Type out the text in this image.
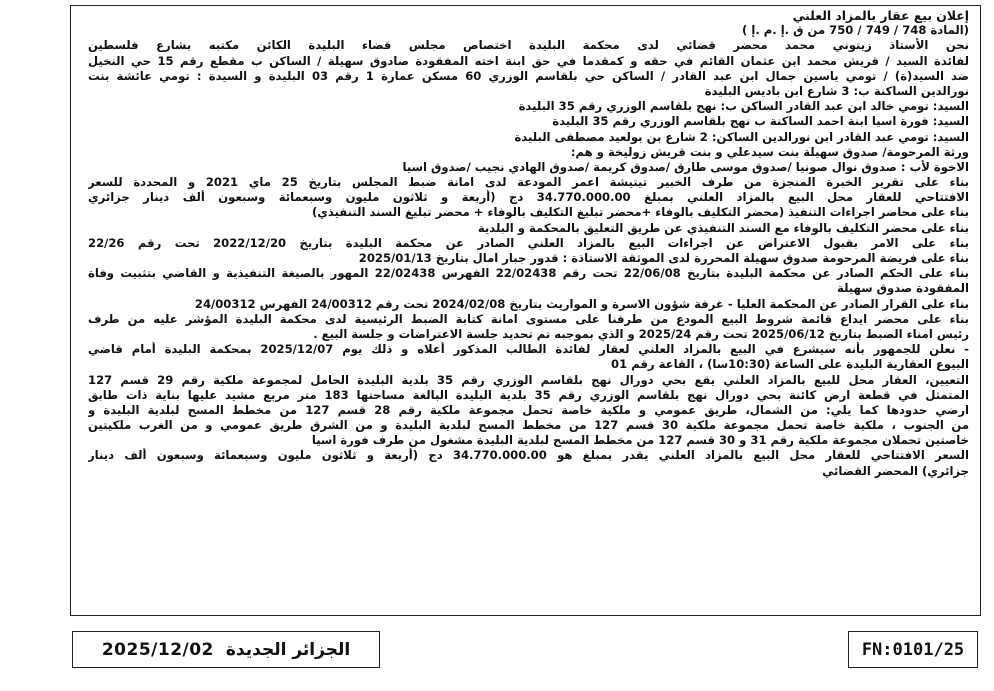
إعلان بيع عقار بالمزاد العلني
(المادة 748 / 749 / 750 من ق .إ .م .إ )
نحن الأستاذ زيتوني محمد محضر قضائي لدى محكمة البليدة اختصاص مجلس قضاء البليدة الكائن مكتبه بشارع فلسطين
لفائدة السيد / قريش محمد ابن عثمان القائم في حقه و كمقدما في حق ابنة اخته المفقودة صادوق سهيلة / الساكن ب مقطع رقم 15 حي النخيل
ضد السيد(ة) / تومي ياسين جمال ابن عبد القادر / الساكن حي بلقاسم الوزري 60 مسكن عمارة 1 رقم 03 البليدة و السيدة : تومي عائشة بنت
نورالدين الساكنة ب: 3 شارع ابن باديس البليدة
السيد: تومي خالد ابن عبد القادر الساكن ب: نهج بلقاسم الوزري رقم 35 البليدة
السيد: فورة اسيا ابنة احمد الساكنة ب نهج بلقاسم الوزري رقم 35 البليدة
السيد: تومي عبد القادر ابن نورالدين الساكن: 2 شارع بن بولعيد مصطفى البليدة
ورثة المرحومة/ صدوق سهيلة بنت سيدعلي و بنت قريش زوليخة و هم:
الاخوة لأب : صدوق نوال صونيا /صدوق موسى طارق /صدوق كريمة /صدوق الهادي نجيب /صدوق اسيا
بناء على تقرير الخبرة المنجزة من طرف الخبير تيتيشة اعمر المودعة لدى امانة ضبط المجلس بتاريخ 25 ماي 2021 و المحددة للسعر
الافتتاحي للعقار محل البيع بالمزاد العلني بمبلغ 34.770.000.00 دج (أربعة و ثلاثون مليون وسبعمائة وسبعون ألف دينار جزائري
بناء على محاضر اجراءات التنفيذ (محضر التكليف بالوفاء +محضر تبليغ التكليف بالوفاء + محضر تبليغ السند التنفيذي)
بناء على محضر التكليف بالوفاء مع السند التنفيذي عن طريق التعليق بالمحكمة و البلدية
بناء على الامر بقبول الاعتراض عن اجراءات البيع بالمزاد العلني الصادر عن محكمة البليدة بتاريخ 2022/12/20 تحت رقم 22/26
بناء على فريضة المرحومة صدوق سهيلة المحررة لدى الموثقة الاستاذة : قدور جبار امال بتاريخ 2025/01/13
بناء على الحكم الصادر عن محكمة البليدة بتاريخ 22/06/08 تحت رقم 22/02438 الفهرس 22/02438 المهور بالصيغة التنفيذية و القاضي بتثبيت وفاة
المفقودة صدوق سهيلة
بناء على القرار الصادر عن المحكمة العليا - غرفة شؤون الاسرة و المواريث بتاريخ 2024/02/08 تحت رقم 24/00312 الفهرس 24/00312
بناء على محضر ايداع قائمة شروط البيع المودع من طرفنا على مستوى امانة كتابة الضبط الرئيسية لدى محكمة البليدة المؤشر عليه من طرف
رئيس امناء الضبط بتاريخ 2025/06/12 تحت رقم 2025/24 و الذي بموجبه تم تحديد جلسة الاعتراضات و جلسة البيع .
- نعلن للجمهور بأنه سيشرع في البيع بالمزاد العلني لعقار لفائدة الطالب المذكور أعلاه و ذلك يوم 2025/12/07 بمحكمة البليدة أمام قاضي
البيوع العقارية البليدة على الساعة (10:30سا) ، القاعة رقم 01
التعيين، العقار محل للبيع بالمزاد العلني يقع بحي دورال نهج بلقاسم الوزري رقم 35 بلدية البليدة الحامل لمجموعة ملكية رقم 29 قسم 127
المتمثل في قطعة ارض كائنة بحي دورال نهج بلقاسم الوزري رقم 35 بلدية البليدة البالغة مساحتها 183 متر مربع مشيد عليها بناية ذات طابق
ارضي حدودها كما يلي: من الشمال، طريق عمومي و ملكية خاصة تحمل مجموعة ملكية رقم 28 قسم 127 من مخطط المسح لبلدية البليدة و
من الجنوب ، ملكية خاصة تحمل مجموعة ملكية 30 قسم 127 من مخطط المسح لبلدية البليدة و من الشرق طريق عمومي و من الغرب ملكيتين
خاصتين تحملان مجموعة ملكية رقم 31 و 30 قسم 127 من مخطط المسح لبلدية البليدة مشغول من طرف فورة اسيا
السعر الافتتاحي للعقار محل البيع بالمزاد العلني يقدر بمبلغ هو 34.770.000.00 دج (أربعة و ثلاثون مليون وسبعمائة وسبعون ألف دينار
جزائري) المحضر القضائي
الجزائر الجديدة
2025/12/02	FN:0101/25
